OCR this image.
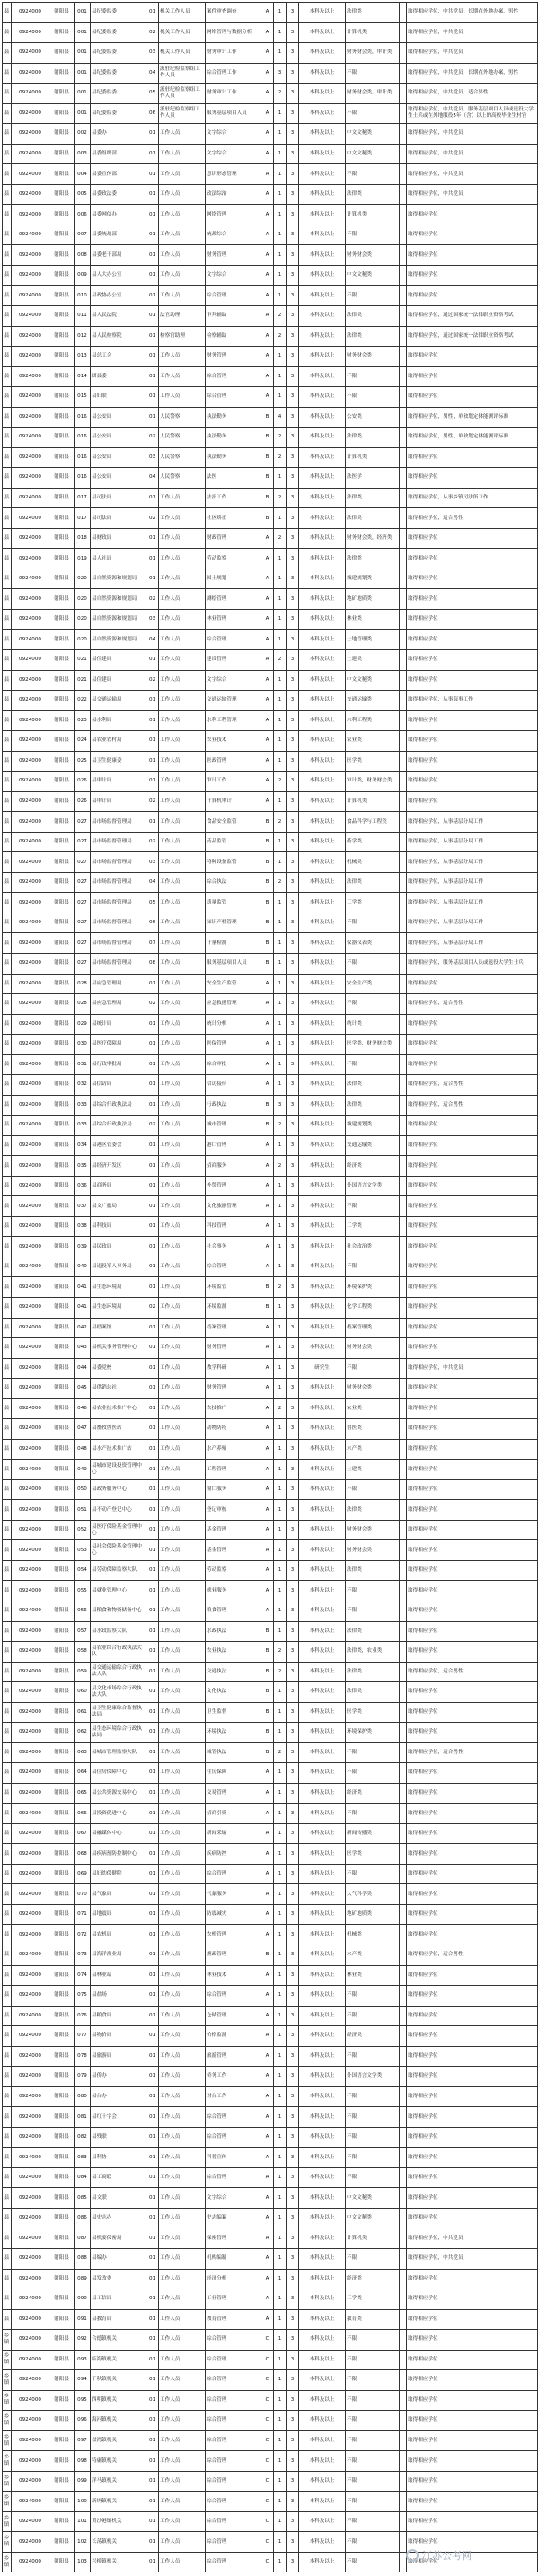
县	0924000	射阳县	001	县纪委监委	01	机关工作人员	案件审查调查	A	1	3	本科及以上	法律类		取得相应学位，中共党员；长期在外地办案，男性
县	0924000	射阳县	001	县纪委监委	02	机关工作人员	网络管理与数据分析	A	1	3	本科及以上	计算机类		取得相应学位，中共党员
县	0924000	射阳县	001	县纪委监委	03	机关工作人员	财务审计工作	A	1	3	本科及以上	财务财会类，审计类		取得相应学位，中共党员
县	0924000	射阳县	001	县纪委监委	04	派驻纪检监察组工作人员	综合管理工作	A	3	3	本科及以上	不限		取得相应学位，中共党员，长期在外地办案，男性
县	0924000	射阳县	001	县纪委监委	05	派驻纪检监察组工作人员	财务审计工作	A	2	3	本科及以上	财务财会类，审计类		取得相应学位，中共党员；适合男性
县	0924000	射阳县	001	县纪委监委	06	派驻纪检监察组工作人员	服务基层项目人员	A	1	3	本科及以上	不限		取得相应学位，中共党员，服务基层项目人员或退役大学生士兵或在外地服役5年（含）以上的高校毕业生村官
县	0924000	射阳县	002	县委办	01	工作人员	文字综合	A	1	3	本科及以上	中文文秘类		取得相应学位，中共党员
县	0924000	射阳县	003	县委组织部	01	工作人员	文字综合	A	1	3	本科及以上	中文文秘类		取得相应学位，中共党员
县	0924000	射阳县	004	县委宣传部	01	工作人员	意识形态管理	A	1	3	本科及以上	不限		取得相应学位，中共党员
县	0924000	射阳县	005	县委政法委	01	工作人员	政法综治	A	1	3	本科及以上	法律类		取得相应学位，中共党员
县	0924000	射阳县	006	县委网信办	01	工作人员	网络管理	A	1	3	本科及以上	计算机类		取得相应学位
县	0924000	射阳县	007	县委统战部	01	工作人员	统战综合	A	1	3	本科及以上	不限		取得相应学位
县	0924000	射阳县	008	县委老干部局	01	工作人员	财务管理	A	1	3	本科及以上	财务财会类		取得相应学位
县	0924000	射阳县	009	县人大办公室	01	工作人员	文字综合	A	1	3	本科及以上	中文文秘类		取得相应学位
县	0924000	射阳县	010	县政协办公室	01	工作人员	综合管理	A	1	3	本科及以上	不限		取得相应学位
县	0924000	射阳县	011	县人民法院	01	法官助理	审判辅助	A	2	3	本科及以上	法律类		取得相应学位，通过国家统一法律职业资格考试
县	0924000	射阳县	012	县人民检察院	01	检察官助理	检察辅助	A	2	3	本科及以上	法律类		取得相应学位，通过国家统一法律职业资格考试
县	0924000	射阳县	013	县总工会	01	工作人员	财务管理	A	1	3	本科及以上	财务财会类		取得相应学位
县	0924000	射阳县	014	团县委	01	工作人员	综合管理	A	1	3	本科及以上	不限		取得相应学位
县	0924000	射阳县	015	县妇联	01	工作人员	综合管理	A	1	3	本科及以上	不限		取得相应学位
县	0924000	射阳县	016	县公安局	01	人民警察	执法勤务	B	4	3	本科及以上	公安类		取得相应学位，男性，单独划定体能测评标准
县	0924000	射阳县	016	县公安局	02	人民警察	执法勤务	B	2	3	本科及以上	法律类		取得相应学位，男性，单独划定体能测评标准
县	0924000	射阳县	016	县公安局	03	人民警察	执法勤务	B	2	3	本科及以上	计算机类		取得相应学位
县	0924000	射阳县	016	县公安局	04	人民警察	法医	B	1	3	本科及以上	法医学		取得相应学位
县	0924000	射阳县	017	县司法局	01	工作人员	法治工作	B	2	3	本科及以上	法律类		取得相应学位，从事乡镇司法所工作
县	0924000	射阳县	017	县司法局	02	工作人员	社区矫正	B	1	3	本科及以上	法律类		取得相应学位，适合男性
县	0924000	射阳县	018	县财政局	01	工作人员	财政管理	A	2	3	本科及以上	财务财会类，经济类		取得相应学位
县	0924000	射阳县	019	县人社局	01	工作人员	劳动监察	A	1	3	本科及以上	法律类		取得相应学位
县	0924000	射阳县	020	县自然资源和规划局	01	工作人员	国土规划	A	1	3	本科及以上	城建规划类		取得相应学位
县	0924000	射阳县	020	县自然资源和规划局	02	工作人员	测绘管理	A	1	3	本科及以上	地矿地质类		取得相应学位
县	0924000	射阳县	020	县自然资源和规划局	03	工作人员	林业管理	A	1	3	本科及以上	林业类		取得相应学位
县	0924000	射阳县	020	县自然资源和规划局	04	工作人员	综合管理	A	1	3	本科及以上	土地管理类		取得相应学位
县	0924000	射阳县	021	县住建局	01	工作人员	建设管理	A	2	3	本科及以上	土建类		取得相应学位
县	0924000	射阳县	021	县住建局	02	工作人员	文字综合	A	1	3	本科及以上	中文文秘类		取得相应学位
县	0924000	射阳县	022	县交通运输局	01	工作人员	交通运输管理	A	1	3	本科及以上	交通运输类		取得相应学位，从事海事工作
县	0924000	射阳县	023	县水利局	01	工作人员	水利工程管理	A	1	3	本科及以上	水利工程类		取得相应学位
县	0924000	射阳县	024	县农业农村局	01	工作人员	农业技术	A	1	3	本科及以上	农业类		取得相应学位
县	0924000	射阳县	025	县卫生健康委	01	工作人员	医政管理	A	1	3	本科及以上	医学类		取得相应学位
县	0924000	射阳县	026	县审计局	01	工作人员	审计工作	A	2	3	本科及以上	审计类，财务财会类		取得相应学位
县	0924000	射阳县	026	县审计局	02	工作人员	计算机审计	A	1	3	本科及以上	计算机类		取得相应学位
县	0924000	射阳县	027	县市场监督管理局	01	工作人员	食品安全监管	B	2	3	本科及以上	食品科学与工程类		取得相应学位，从事基层分局工作
县	0924000	射阳县	027	县市场监督管理局	02	工作人员	药品监管	B	1	3	本科及以上	药学类		取得相应学位，从事基层分局工作
县	0924000	射阳县	027	县市场监督管理局	03	工作人员	特种设备监管	B	1	3	本科及以上	机械类		取得相应学位，从事基层分局工作
县	0924000	射阳县	027	县市场监督管理局	04	工作人员	综合执法	B	2	3	本科及以上	法律类		取得相应学位，从事基层分局工作
县	0924000	射阳县	027	县市场监督管理局	05	工作人员	质量监管	B	1	3	本科及以上	工学类		取得相应学位，从事基层分局工作
县	0924000	射阳县	027	县市场监督管理局	06	工作人员	知识产权管理	B	1	3	本科及以上	不限		取得相应学位，从事基层分局工作
县	0924000	射阳县	027	县市场监督管理局	07	工作人员	计量检测	B	1	3	本科及以上	仪器仪表类		取得相应学位，从事基层分局工作
县	0924000	射阳县	027	县市场监督管理局	08	工作人员	服务基层项目人员	B	1	3	本科及以上	不限		取得相应学位，服务基层项目人员或退役大学生士兵
县	0924000	射阳县	028	县应急管理局	01	工作人员	安全生产监管	A	1	3	本科及以上	安全生产类		取得相应学位
县	0924000	射阳县	028	县应急管理局	02	工作人员	应急救援管理	A	1	3	本科及以上	不限		取得相应学位，适合男性
县	0924000	射阳县	029	县统计局	01	工作人员	统计分析	A	1	3	本科及以上	统计类		取得相应学位
县	0924000	射阳县	030	县医疗保障局	01	工作人员	医保管理	A	1	3	本科及以上	医学类，财务财会类		取得相应学位
县	0924000	射阳县	031	县行政审批局	01	工作人员	综合审批	A	1	3	本科及以上	不限		取得相应学位
县	0924000	射阳县	032	县信访局	01	工作人员	信访接待	A	1	3	本科及以上	法律类		取得相应学位，适合男性
县	0924000	射阳县	033	县综合行政执法局	01	工作人员	行政执法	B	3	3	本科及以上	法律类		取得相应学位，适合男性
县	0924000	射阳县	033	县综合行政执法局	02	工作人员	城市管理	B	2	3	本科及以上	城建规划类		取得相应学位
县	0924000	射阳县	034	县港区管委会	01	工作人员	港口管理	A	1	3	本科及以上	交通运输类		取得相应学位
县	0924000	射阳县	035	县经济开发区	01	工作人员	招商服务	A	2	3	本科及以上	经济类		取得相应学位
县	0924000	射阳县	036	县商务局	01	工作人员	外贸管理	A	1	3	本科及以上	外国语言文学类		取得相应学位
县	0924000	射阳县	037	县文广旅局	01	工作人员	文化旅游管理	A	1	3	本科及以上	不限		取得相应学位
县	0924000	射阳县	038	县科技局	01	工作人员	科技管理	A	1	3	本科及以上	工学类		取得相应学位
县	0924000	射阳县	039	县民政局	01	工作人员	社会事务	A	1	3	本科及以上	社会政治类		取得相应学位
县	0924000	射阳县	040	县退役军人事务局	01	工作人员	综合管理	A	1	3	本科及以上	不限		取得相应学位
县	0924000	射阳县	041	县生态环境局	01	工作人员	环境监管	B	2	3	本科及以上	环境保护类		取得相应学位
县	0924000	射阳县	041	县生态环境局	02	工作人员	环境监测	B	1	3	本科及以上	化学工程类		取得相应学位
县	0924000	射阳县	042	县档案馆	01	工作人员	档案管理	A	1	3	本科及以上	档案管理类		取得相应学位
县	0924000	射阳县	043	县机关事务管理中心	01	工作人员	财务管理	A	1	3	本科及以上	财务财会类		取得相应学位
县	0924000	射阳县	044	县委党校	01	工作人员	教学科研	A	1	3	研究生	不限		取得相应学位，中共党员
县	0924000	射阳县	045	县供销总社	01	工作人员	财务管理	A	1	3	本科及以上	财务财会类		取得相应学位
县	0924000	射阳县	046	县农业技术推广中心	01	工作人员	农技推广	A	2	3	本科及以上	农业类		取得相应学位
县	0924000	射阳县	047	县畜牧兽医站	01	工作人员	动物防疫	A	1	3	本科及以上	兽医类		取得相应学位
县	0924000	射阳县	048	县水产技术推广站	01	工作人员	水产养殖	A	1	3	本科及以上	水产类		取得相应学位
县	0924000	射阳县	049	县城市建设投资管理中心	01	工作人员	工程管理	A	1	3	本科及以上	土建类		取得相应学位
县	0924000	射阳县	050	县政务服务中心	01	工作人员	窗口服务	A	1	3	本科及以上	不限		取得相应学位
县	0924000	射阳县	051	县不动产登记中心	01	工作人员	登记审核	A	1	3	本科及以上	法律类		取得相应学位
县	0924000	射阳县	052	县医疗保险基金管理中心	01	工作人员	基金管理	A	1	3	本科及以上	财务财会类		取得相应学位
县	0924000	射阳县	053	县社会保险基金管理中心	01	工作人员	基金管理	A	1	3	本科及以上	财务财会类		取得相应学位
县	0924000	射阳县	054	县劳动保障监察大队	01	工作人员	劳动监察	A	1	3	本科及以上	法律类		取得相应学位
县	0924000	射阳县	055	县就业管理中心	01	工作人员	就业服务	A	1	3	本科及以上	不限		取得相应学位
县	0924000	射阳县	056	县粮食和物资储备中心	01	工作人员	粮食管理	A	1	3	本科及以上	不限		取得相应学位
县	0924000	射阳县	057	县水政监察大队	01	工作人员	水政执法	B	1	3	本科及以上	法律类		取得相应学位
县	0924000	射阳县	058	县农业综合行政执法大队	01	工作人员	农业执法	B	2	3	本科及以上	法律类，农业类		取得相应学位
县	0924000	射阳县	059	县交通运输综合行政执法大队	01	工作人员	交通执法	B	2	3	本科及以上	法律类		取得相应学位，适合男性
县	0924000	射阳县	060	县文化市场综合行政执法大队	01	工作人员	文化执法	B	1	3	本科及以上	法律类		取得相应学位
县	0924000	射阳县	061	县卫生健康综合监督执法局	01	工作人员	卫生监督	B	1	3	本科及以上	医学类		取得相应学位
县	0924000	射阳县	062	县生态环境综合行政执法局	01	工作人员	环境执法	B	1	3	本科及以上	环境保护类		取得相应学位
县	0924000	射阳县	063	县城市管理监察大队	01	工作人员	城管执法	B	2	3	本科及以上	不限		取得相应学位，适合男性
县	0924000	射阳县	064	县住房保障中心	01	工作人员	住房保障	A	1	3	本科及以上	不限		取得相应学位
县	0924000	射阳县	065	县公共资源交易中心	01	工作人员	交易管理	A	1	3	本科及以上	经济类		取得相应学位
县	0924000	射阳县	066	县投资促进中心	01	工作人员	招商引资	A	1	3	本科及以上	不限		取得相应学位
县	0924000	射阳县	067	县融媒体中心	01	工作人员	新闻采编	A	1	3	本科及以上	新闻传播类		取得相应学位
县	0924000	射阳县	068	县疾病预防控制中心	01	工作人员	疾病防控	A	1	3	本科及以上	医学类		取得相应学位
县	0924000	射阳县	069	县妇幼保健院	01	工作人员	综合管理	A	1	3	本科及以上	不限		取得相应学位
县	0924000	射阳县	070	县气象局	01	工作人员	气象服务	A	1	3	本科及以上	大气科学类		取得相应学位
县	0924000	射阳县	071	县地震局	01	工作人员	防震减灾	A	1	3	本科及以上	地矿地质类		取得相应学位
县	0924000	射阳县	072	县农机局	01	工作人员	农机管理	A	1	3	本科及以上	机械类		取得相应学位
县	0924000	射阳县	073	县海洋渔业局	01	工作人员	渔政管理	B	1	3	本科及以上	水产类		取得相应学位，适合男性
县	0924000	射阳县	074	县林业站	01	工作人员	林业技术	A	1	3	本科及以上	林业类		取得相应学位
县	0924000	射阳县	075	县盐场	01	工作人员	综合管理	A	1	3	本科及以上	不限		取得相应学位
县	0924000	射阳县	076	县粮食局	01	工作人员	仓储管理	A	1	3	本科及以上	不限		取得相应学位
县	0924000	射阳县	077	县物价局	01	工作人员	价格监测	A	1	3	本科及以上	经济类		取得相应学位
县	0924000	射阳县	078	县旅游局	01	工作人员	旅游管理	A	1	3	本科及以上	不限		取得相应学位
县	0924000	射阳县	079	县侨办	01	工作人员	侨务工作	A	1	3	本科及以上	外国语言文学类		取得相应学位
县	0924000	射阳县	080	县台办	01	工作人员	对台工作	A	1	3	本科及以上	不限		取得相应学位
县	0924000	射阳县	081	县红十字会	01	工作人员	综合管理	A	1	3	本科及以上	不限		取得相应学位
县	0924000	射阳县	082	县残联	01	工作人员	综合管理	A	1	3	本科及以上	不限		取得相应学位
县	0924000	射阳县	083	县科协	01	工作人员	科普宣传	A	1	3	本科及以上	不限		取得相应学位
县	0924000	射阳县	084	县工商联	01	工作人员	综合管理	A	1	3	本科及以上	不限		取得相应学位
县	0924000	射阳县	085	县文联	01	工作人员	文字综合	A	1	3	本科及以上	中文文秘类		取得相应学位
县	0924000	射阳县	086	县史志办	01	工作人员	史志编纂	A	1	3	本科及以上	中文文秘类		取得相应学位
县	0924000	射阳县	087	县机要保密局	01	工作人员	保密管理	A	1	3	本科及以上	计算机类		取得相应学位，中共党员
县	0924000	射阳县	088	县编办	01	工作人员	机构编制	A	1	3	本科及以上	不限		取得相应学位，中共党员
县	0924000	射阳县	089	县发改委	01	工作人员	经济分析	A	1	3	本科及以上	经济类		取得相应学位
县	0924000	射阳县	090	县工信局	01	工作人员	工业管理	A	1	3	本科及以上	工学类		取得相应学位
县	0924000	射阳县	091	县教育局	01	工作人员	教育管理	A	1	3	本科及以上	教育类		取得相应学位
乡镇	0924000	射阳县	092	合德镇机关	01	工作人员	综合管理	C	1	3	本科及以上	不限		取得相应学位
乡镇	0924000	射阳县	093	临海镇机关	01	工作人员	综合管理	C	1	3	本科及以上	不限		取得相应学位
乡镇	0924000	射阳县	094	千秋镇机关	01	工作人员	综合管理	C	1	3	本科及以上	不限		取得相应学位
乡镇	0924000	射阳县	095	四明镇机关	01	工作人员	综合管理	C	1	3	本科及以上	不限		取得相应学位
乡镇	0924000	射阳县	096	海河镇机关	01	工作人员	综合管理	C	1	3	本科及以上	不限		取得相应学位
乡镇	0924000	射阳县	097	盘湾镇机关	01	工作人员	综合管理	C	1	3	本科及以上	不限		取得相应学位
乡镇	0924000	射阳县	098	特庸镇机关	01	工作人员	综合管理	C	1	3	本科及以上	不限		取得相应学位
乡镇	0924000	射阳县	099	洋马镇机关	01	工作人员	综合管理	C	1	3	本科及以上	不限		取得相应学位
乡镇	0924000	射阳县	100	新坍镇机关	01	工作人员	综合管理	C	1	3	本科及以上	不限		取得相应学位
乡镇	0924000	射阳县	101	黄沙港镇机关	01	工作人员	综合管理	C	1	3	本科及以上	不限		取得相应学位
乡镇	0924000	射阳县	102	长荡镇机关	01	工作人员	综合管理	C	1	3	本科及以上	不限		取得相应学位
乡镇	0924000	射阳县	103	兴桥镇机关	01	工作人员	综合管理	C	1	3	本科及以上	不限		取得相应学位
江苏公考网
